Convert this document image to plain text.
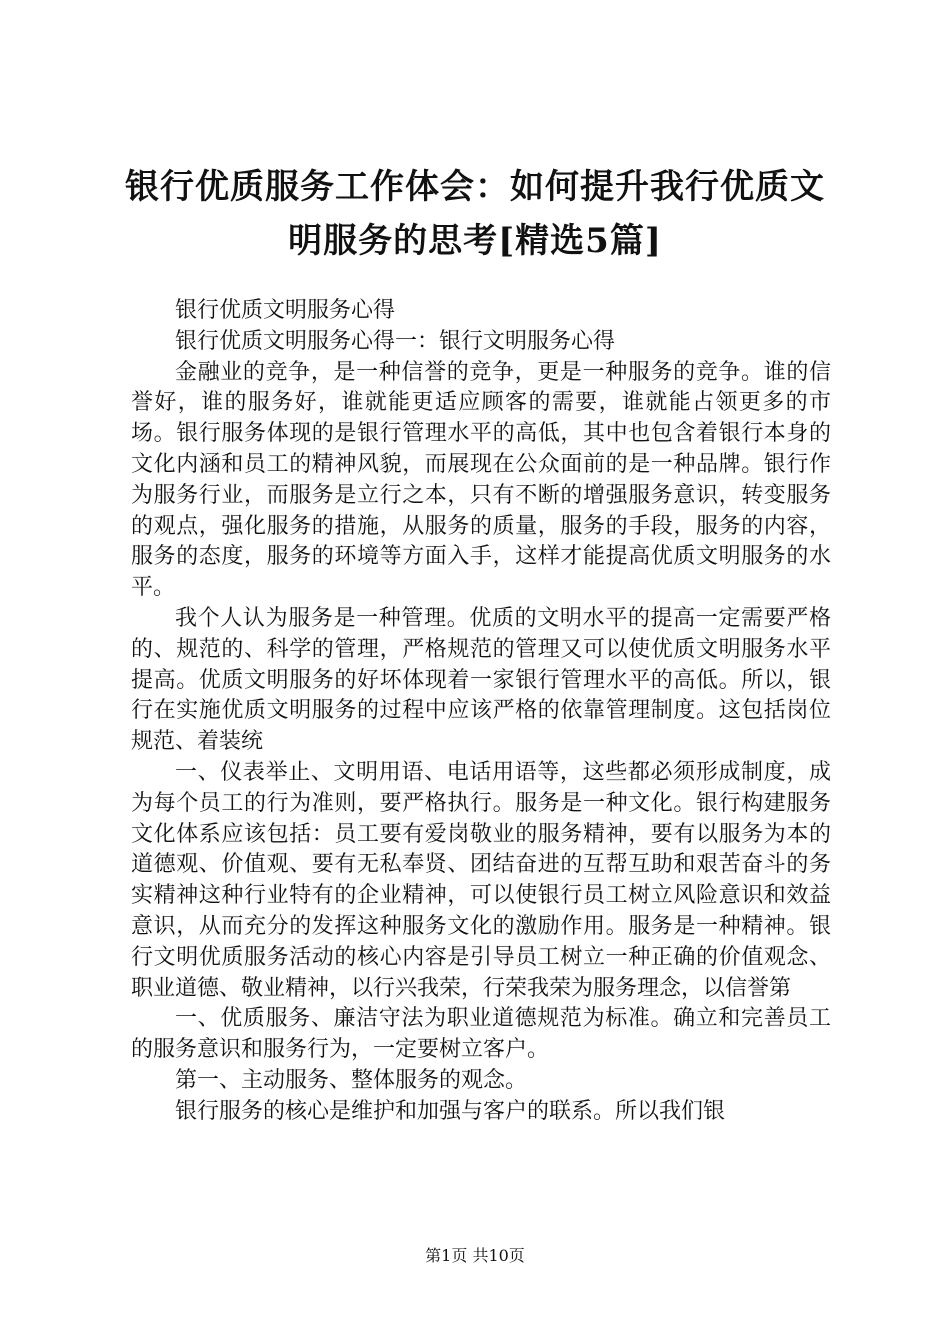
银行优质服务工作体会：如何提升我行优质文
明服务的思考[精选5篇]

银行优质文明服务心得

银行优质文明服务心得一：银行文明服务心得

金融业的竞争，是一种信誉的竞争，更是一种服务的竞争。谁的信誉好，谁的服务好，谁就能更适应顾客的需要，谁就能占领更多的市场。银行服务体现的是银行管理水平的高低，其中也包含着银行本身的文化内涵和员工的精神风貌，而展现在公众面前的是一种品牌。银行作为服务行业，而服务是立行之本，只有不断的增强服务意识，转变服务的观点，强化服务的措施，从服务的质量，服务的手段，服务的内容，服务的态度，服务的环境等方面入手，这样才能提高优质文明服务的水平。

我个人认为服务是一种管理。优质的文明水平的提高一定需要严格的、规范的、科学的管理，严格规范的管理又可以使优质文明服务水平提高。优质文明服务的好坏体现着一家银行管理水平的高低。所以，银行在实施优质文明服务的过程中应该严格的依靠管理制度。这包括岗位规范、着装统

一、仪表举止、文明用语、电话用语等，这些都必须形成制度，成为每个员工的行为准则，要严格执行。服务是一种文化。银行构建服务文化体系应该包括：员工要有爱岗敬业的服务精神，要有以服务为本的道德观、价值观、要有无私奉贤、团结奋进的互帮互助和艰苦奋斗的务实精神这种行业特有的企业精神，可以使银行员工树立风险意识和效益意识，从而充分的发挥这种服务文化的激励作用。服务是一种精神。银行文明优质服务活动的核心内容是引导员工树立一种正确的价值观念、职业道德、敬业精神，以行兴我荣，行荣我荣为服务理念，以信誉第

一、优质服务、廉洁守法为职业道德规范为标准。确立和完善员工的服务意识和服务行为，一定要树立客户。

第一、主动服务、整体服务的观念。

银行服务的核心是维护和加强与客户的联系。所以我们银

第1页 共10页
